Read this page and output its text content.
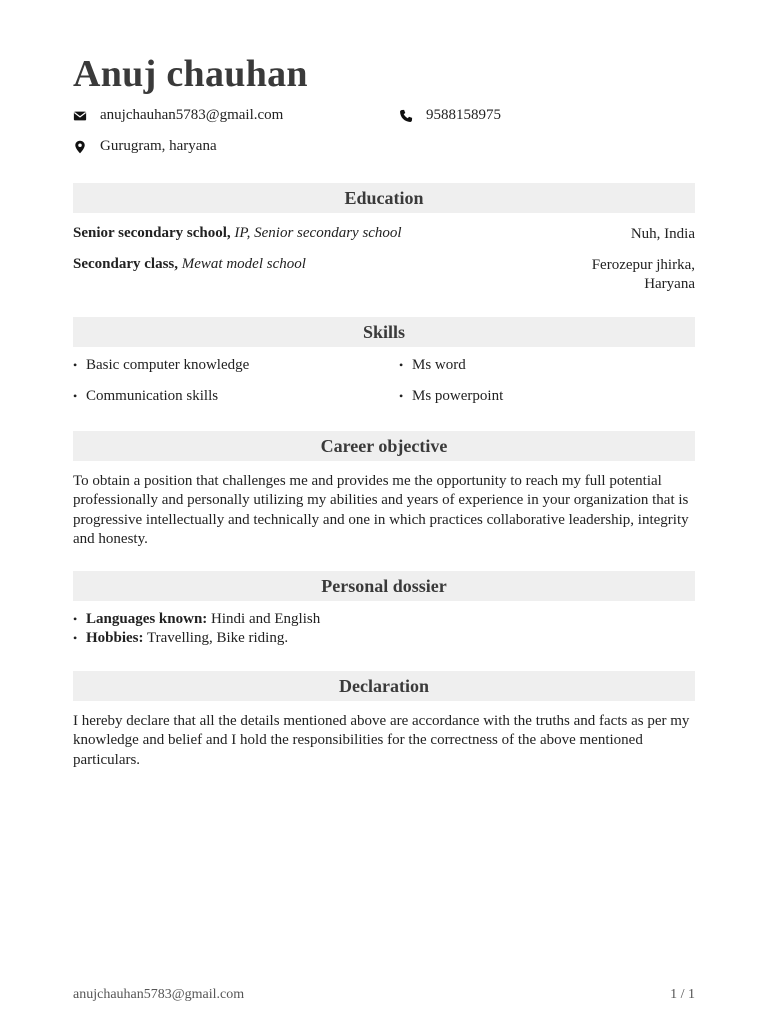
Anuj chauhan
anujchauhan5783@gmail.com	9588158975
Gurugram, haryana
Education
Senior secondary school, IP, Senior secondary school	Nuh, India
Secondary class, Mewat model school	Ferozepur jhirka,
Haryana
Skills
• Basic computer knowledge	• Ms word
• Communication skills	• Ms powerpoint
Career objective

To obtain a position that challenges me and provides me the opportunity to reach my full potential professionally and personally utilizing my abilities and years of experience in your organization that is progressive intellectually and technically and one in which practices collaborative leadership, integrity and honesty.

Personal dossier
• Languages known: Hindi and English
• Hobbies: Travelling, Bike riding.
Declaration

I hereby declare that all the details mentioned above are accordance with the truths and facts as per my knowledge and belief and I hold the responsibilities for the correctness of the above mentioned particulars.

anujchauhan5783@gmail.com	1 / 1
